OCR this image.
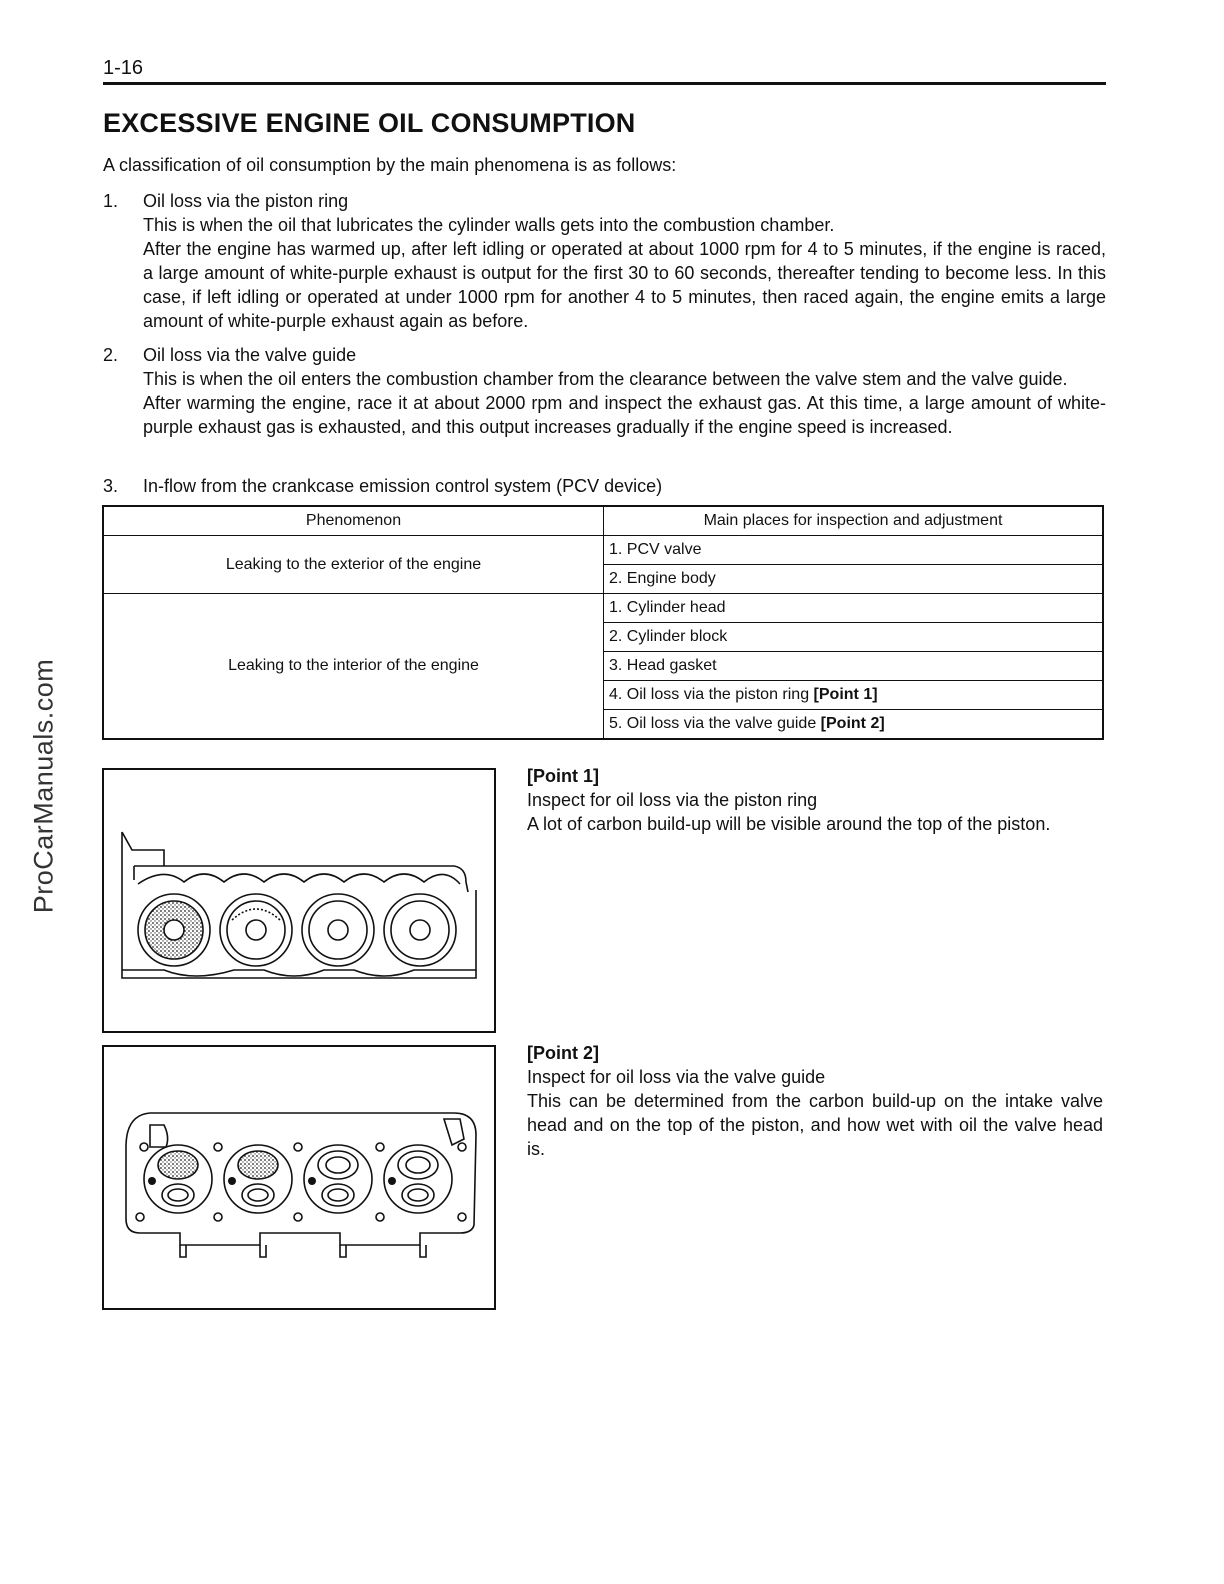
1-16
ProCarManuals.com
EXCESSIVE ENGINE OIL CONSUMPTION
A classification of oil consumption by the main phenomena is as follows:
1. Oil loss via the piston ring

This is when the oil that lubricates the cylinder walls gets into the combustion chamber.

After the engine has warmed up, after left idling or operated at about 1000 rpm for 4 to 5 minutes, if the engine is raced, a large amount of white-purple exhaust is output for the first 30 to 60 seconds, thereafter tending to become less. In this case, if left idling or operated at under 1000 rpm for another 4 to 5 minutes, then raced again, the engine emits a large amount of white-purple exhaust again as before.

2. Oil loss via the valve guide

This is when the oil enters the combustion chamber from the clearance between the valve stem and the valve guide.

After warming the engine, race it at about 2000 rpm and inspect the exhaust gas. At this time, a large amount of white-purple exhaust gas is exhausted, and this output increases gradually if the engine speed is increased.

3. In-flow from the crankcase emission control system (PCV device)

Phenomenon	Main places for inspection and adjustment
Leaking to the exterior of the engine	1. PCV valve
	2. Engine body
Leaking to the interior of the engine	1. Cylinder head
	2. Cylinder block
	3. Head gasket
	4. Oil loss via the piston ring [Point 1]
	5. Oil loss via the valve guide [Point 2]

[Point 1]

Inspect for oil loss via the piston ring

A lot of carbon build-up will be visible around the top of the piston.

[Point 2]

Inspect for oil loss via the valve guide

This can be determined from the carbon build-up on the intake valve head and on the top of the piston, and how wet with oil the valve head is.
